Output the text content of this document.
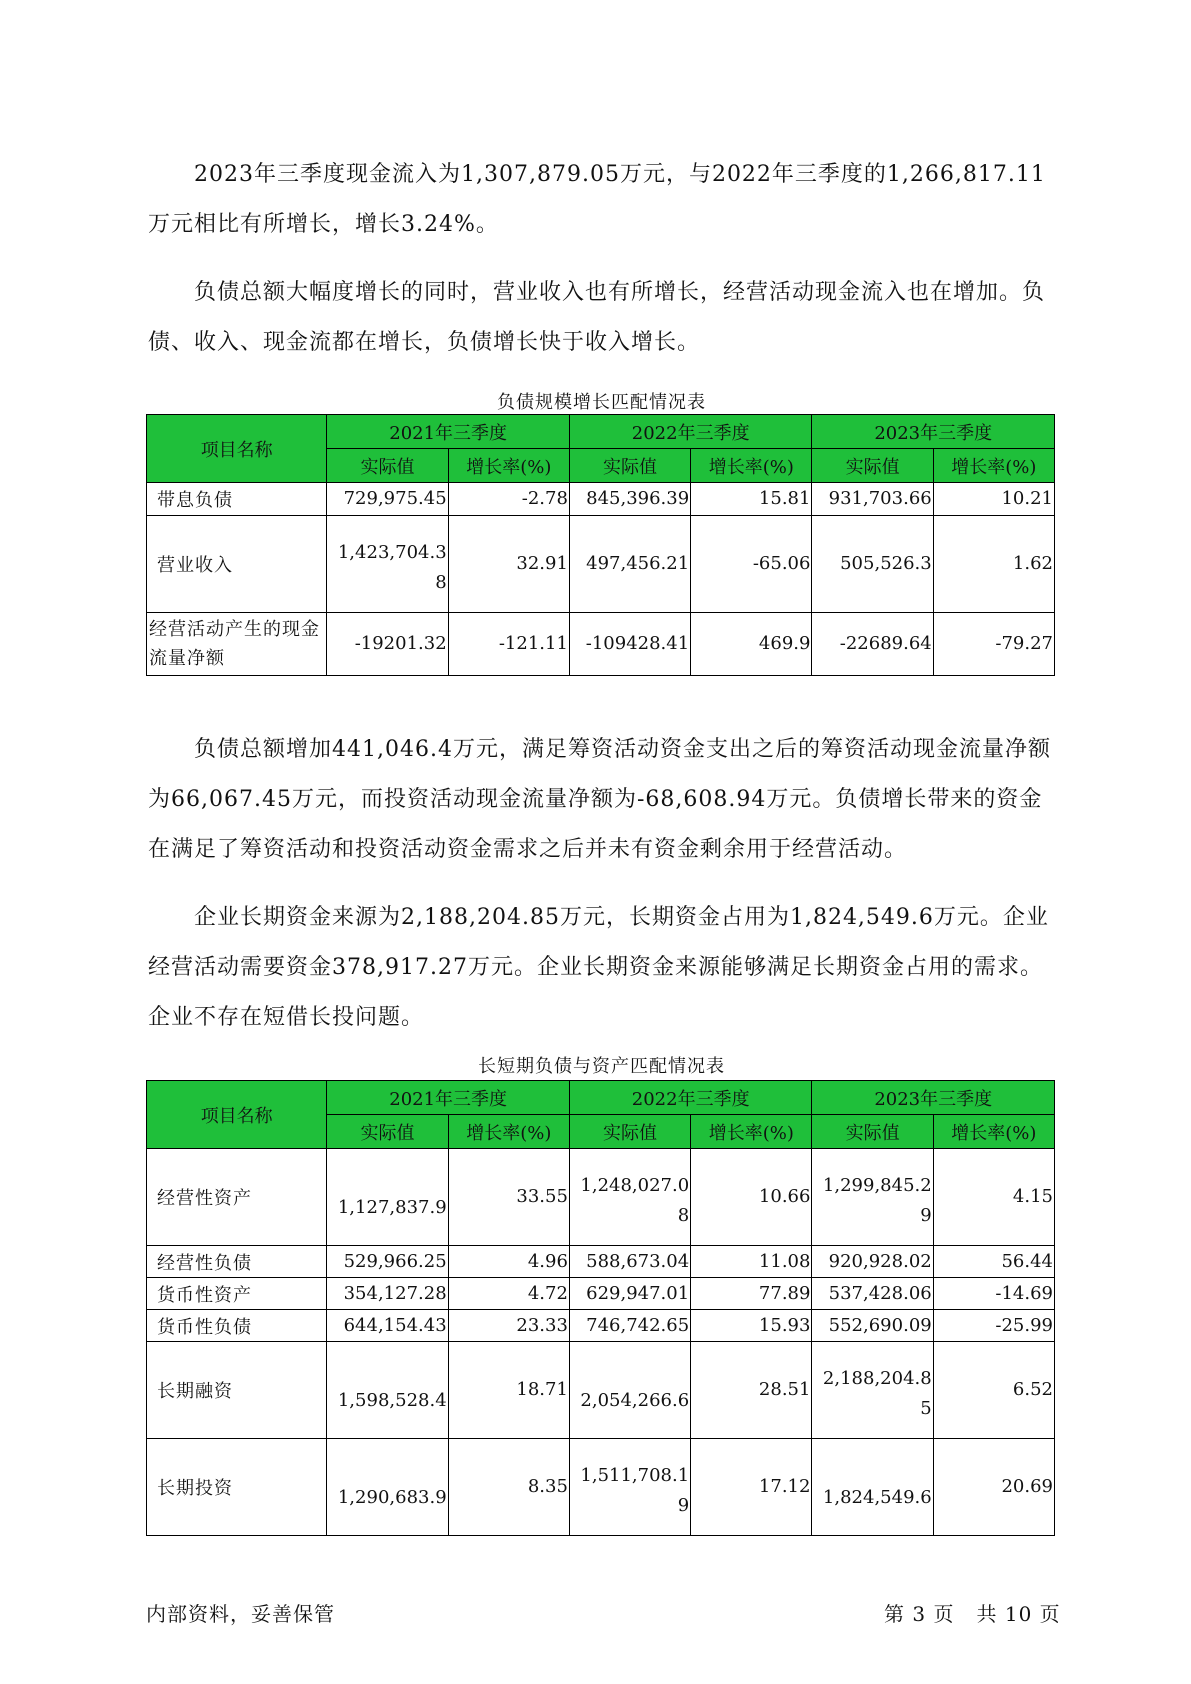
2023年三季度现金流入为1,307,879.05万元，与2022年三季度的1,266,817.11万元相比有所增长，增长3.24%。

负债总额大幅度增长的同时，营业收入也有所增长，经营活动现金流入也在增加。负债、收入、现金流都在增长，负债增长快于收入增长。

负债规模增长匹配情况表
项目名称	2021年三季度		2022年三季度		2023年三季度	
	实际值	增长率(%)	实际值	增长率(%)	实际值	增长率(%)
带息负债	729,975.45	-2.78	845,396.39	15.81	931,703.66	10.21
营业收入	1,423,704.38	32.91	497,456.21	-65.06	505,526.3	1.62
经营活动产生的现金流量净额	-19201.32	-121.11	-109428.41	469.9	-22689.64	-79.27

负债总额增加441,046.4万元，满足筹资活动资金支出之后的筹资活动现金流量净额为66,067.45万元，而投资活动现金流量净额为-68,608.94万元。负债增长带来的资金在满足了筹资活动和投资活动资金需求之后并未有资金剩余用于经营活动。

企业长期资金来源为2,188,204.85万元，长期资金占用为1,824,549.6万元。企业经营活动需要资金378,917.27万元。企业长期资金来源能够满足长期资金占用的需求。企业不存在短借长投问题。

长短期负债与资产匹配情况表
项目名称	2021年三季度		2022年三季度		2023年三季度	
	实际值	增长率(%)	实际值	增长率(%)	实际值	增长率(%)
经营性资产	1,127,837.9	33.55	1,248,027.08	10.66	1,299,845.29	4.15
经营性负债	529,966.25	4.96	588,673.04	11.08	920,928.02	56.44
货币性资产	354,127.28	4.72	629,947.01	77.89	537,428.06	-14.69
货币性负债	644,154.43	23.33	746,742.65	15.93	552,690.09	-25.99
长期融资	1,598,528.4	18.71	2,054,266.6	28.51	2,188,204.85	6.52
长期投资	1,290,683.9	8.35	1,511,708.19	17.12	1,824,549.6	20.69
内部资料，妥善保管	第 3 页   共 10 页
